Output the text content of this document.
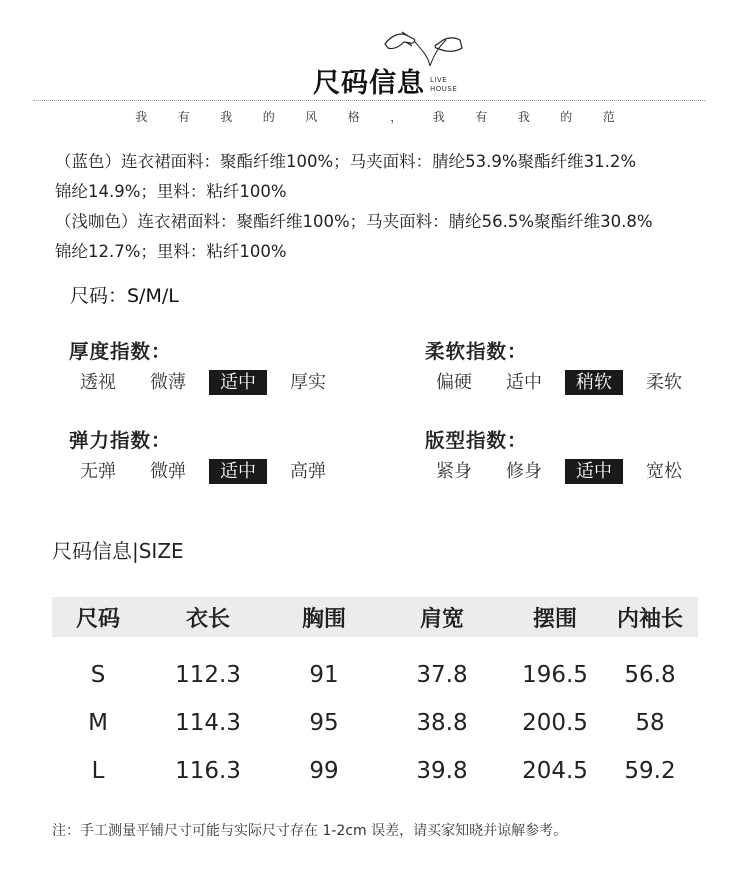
尺码信息 LIVE
HOUSE
我	有	我	的	风	格	，	我	有	我	的	范
（蓝色）连衣裙面料：聚酯纤维100%；马夹面料：腈纶53.9%聚酯纤维31.2%
锦纶14.9%；里料：粘纤100%
（浅咖色）连衣裙面料：聚酯纤维100%；马夹面料：腈纶56.5%聚酯纤维30.8%
锦纶12.7%；里料：粘纤100%
尺码：S/M/L
厚度指数：
透视	微薄	适中	厚实
柔软指数：
偏硬	适中	稍软	柔软
弹力指数：
无弹	微弹	适中	高弹
版型指数：
紧身	修身	适中	宽松
尺码信息|SIZE
尺码	衣长	胸围	肩宽	摆围	内袖长
S	112.3	91	37.8	196.5	56.8
M	114.3	95	38.8	200.5	58
L	116.3	99	39.8	204.5	59.2
注：手工测量平铺尺寸可能与实际尺寸存在 1-2cm 误差，请买家知晓并谅解参考。
